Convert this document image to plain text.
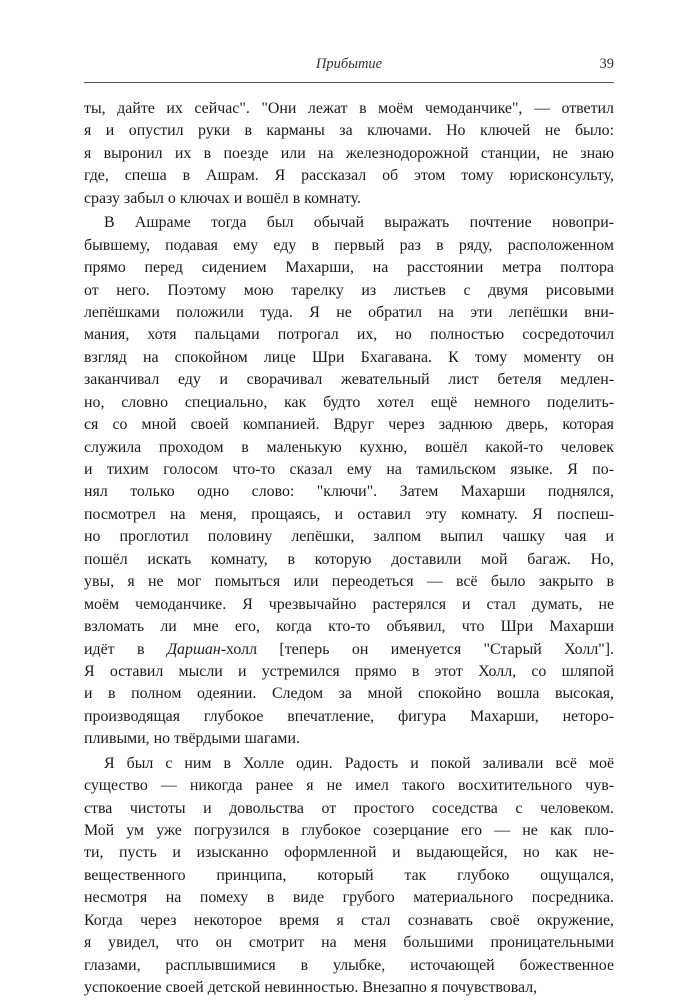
Прибытие	39
ты, дайте их сейчас". "Они лежат в моём чемоданчике", — ответил
я и опустил руки в карманы за ключами. Но ключей не было:
я выронил их в поезде или на железнодорожной станции, не знаю
где, спеша в Ашрам. Я рассказал об этом тому юрисконсульту,
сразу забыл о ключах и вошёл в комнату.
В Ашраме тогда был обычай выражать почтение новопри-
бывшему, подавая ему еду в первый раз в ряду, расположенном
прямо перед сидением Махарши, на расстоянии метра полтора
от него. Поэтому мою тарелку из листьев с двумя рисовыми
лепёшками положили туда. Я не обратил на эти лепёшки вни-
мания, хотя пальцами потрогал их, но полностью сосредоточил
взгляд на спокойном лице Шри Бхагавана. К тому моменту он
заканчивал еду и сворачивал жевательный лист бетеля медлен-
но, словно специально, как будто хотел ещё немного поделить-
ся со мной своей компанией. Вдруг через заднюю дверь, которая
служила проходом в маленькую кухню, вошёл какой-то человек
и тихим голосом что-то сказал ему на тамильском языке. Я по-
нял только одно слово: "ключи". Затем Махарши поднялся,
посмотрел на меня, прощаясь, и оставил эту комнату. Я поспеш-
но проглотил половину лепёшки, залпом выпил чашку чая и
пошёл искать комнату, в которую доставили мой багаж. Но,
увы, я не мог помыться или переодеться — всё было закрыто в
моём чемоданчике. Я чрезвычайно растерялся и стал думать, не
взломать ли мне его, когда кто-то объявил, что Шри Махарши
идёт в Даршан-холл [теперь он именуется "Старый Холл"].
Я оставил мысли и устремился прямо в этот Холл, со шляпой
и в полном одеянии. Следом за мной спокойно вошла высокая,
производящая глубокое впечатление, фигура Махарши, неторо-
пливыми, но твёрдыми шагами.
Я был с ним в Холле один. Радость и покой заливали всё моё
существо — никогда ранее я не имел такого восхитительного чув-
ства чистоты и довольства от простого соседства с человеком.
Мой ум уже погрузился в глубокое созерцание его — не как пло-
ти, пусть и изысканно оформленной и выдающейся, но как не-
вещественного принципа, который так глубоко ощущался,
несмотря на помеху в виде грубого материального посредника.
Когда через некоторое время я стал сознавать своё окружение,
я увидел, что он смотрит на меня большими проницательными
глазами, расплывшимися в улыбке, источающей божественное
успокоение своей детской невинностью. Внезапно я почувствовал,
